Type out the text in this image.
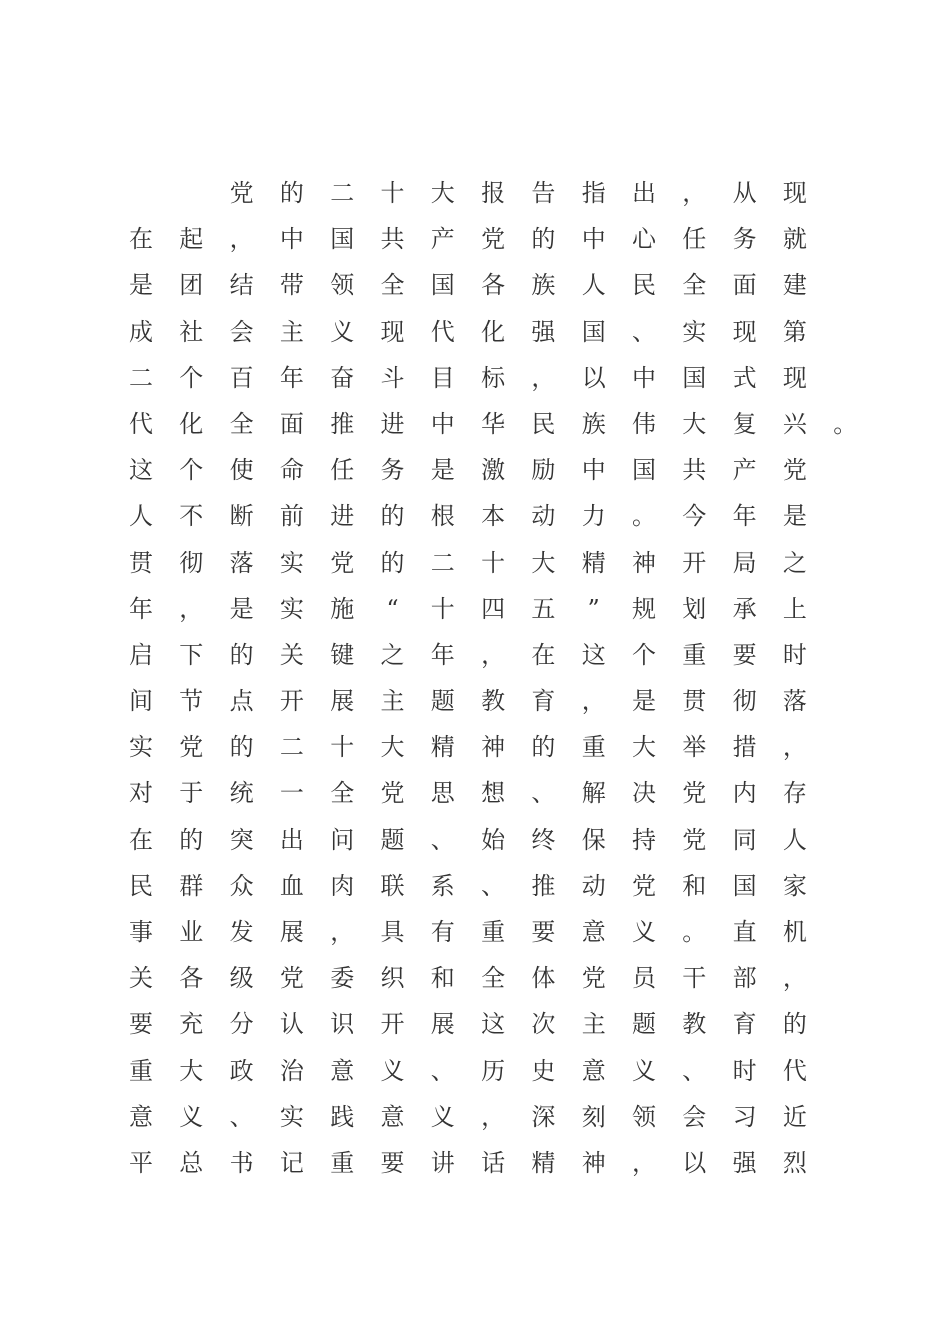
党 的 二 十 大 报 告 指 出 ， 从 现
在 起 ， 中 国 共 产 党 的 中 心 任 务 就
是 团 结 带 领 全 国 各 族 人 民 全 面 建
成 社 会 主 义 现 代 化 强 国 、 实 现 第
二 个 百 年 奋 斗 目 标 ， 以 中 国 式 现
代 化 全 面 推 进 中 华 民 族 伟 大 复 兴 。
这 个 使 命 任 务 是 激 励 中 国 共 产 党
人 不 断 前 进 的 根 本 动 力 。 今 年 是
贯 彻 落 实 党 的 二 十 大 精 神 开 局 之
年 ， 是 实 施 “ 十 四 五 ” 规 划 承 上
启 下 的 关 键 之 年 ， 在 这 个 重 要 时
间 节 点 开 展 主 题 教 育 ， 是 贯 彻 落
实 党 的 二 十 大 精 神 的 重 大 举 措 ，
对 于 统 一 全 党 思 想 、 解 决 党 内 存
在 的 突 出 问 题 、 始 终 保 持 党 同 人
民 群 众 血 肉 联 系 、 推 动 党 和 国 家
事 业 发 展 ， 具 有 重 要 意 义 。 直 机
关 各 级 党 委 织 和 全 体 党 员 干 部 ，
要 充 分 认 识 开 展 这 次 主 题 教 育 的
重 大 政 治 意 义 、 历 史 意 义 、 时 代
意 义 、 实 践 意 义 ， 深 刻 领 会 习 近
平 总 书 记 重 要 讲 话 精 神 ， 以 强 烈
